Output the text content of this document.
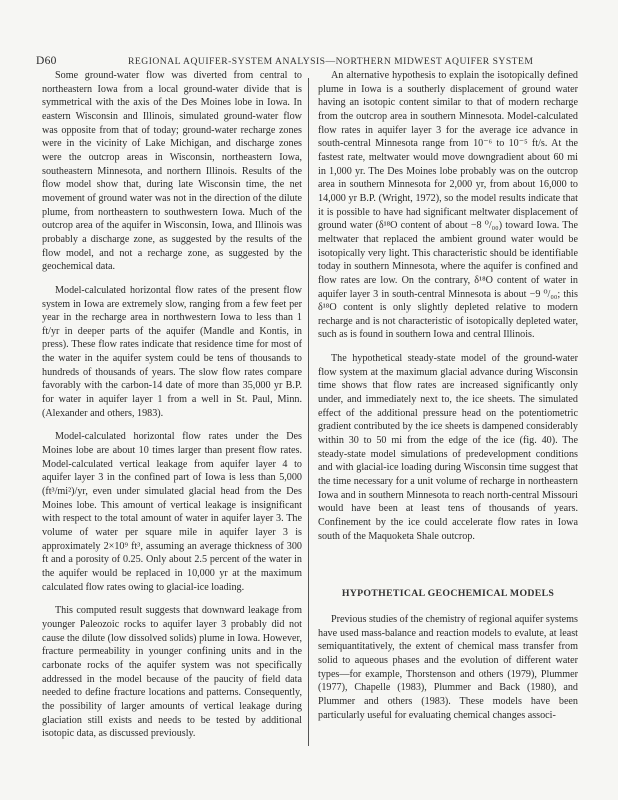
D60	REGIONAL AQUIFER-SYSTEM ANALYSIS—NORTHERN MIDWEST AQUIFER SYSTEM

Some ground-water flow was diverted from central to northeastern Iowa from a local ground-water divide that is symmetrical with the axis of the Des Moines lobe in Iowa. In eastern Wisconsin and Illinois, simulated ground-water flow was opposite from that of today; ground-water recharge zones were in the vicinity of Lake Michigan, and discharge zones were the outcrop areas in Wisconsin, northeastern Iowa, southeastern Minnesota, and northern Illinois. Results of the flow model show that, during late Wisconsin time, the net movement of ground water was not in the direction of the dilute plume, from northeastern to southwestern Iowa. Much of the outcrop area of the aquifer in Wisconsin, Iowa, and Illinois was probably a discharge zone, as suggested by the results of the flow model, and not a recharge zone, as suggested by the geochemical data.

Model-calculated horizontal flow rates of the present flow system in Iowa are extremely slow, ranging from a few feet per year in the recharge area in northwestern Iowa to less than 1 ft/yr in deeper parts of the aquifer (Mandle and Kontis, in press). These flow rates indicate that residence time for most of the water in the aquifer system could be tens of thousands to hundreds of thousands of years. The slow flow rates compare favorably with the carbon-14 date of more than 35,000 yr B.P. for water in aquifer layer 1 from a well in St. Paul, Minn. (Alexander and others, 1983).

Model-calculated horizontal flow rates under the Des Moines lobe are about 10 times larger than present flow rates. Model-calculated vertical leakage from aquifer layer 4 to aquifer layer 3 in the confined part of Iowa is less than 5,000 (ft³/mi²)/yr, even under simulated glacial head from the Des Moines lobe. This amount of vertical leakage is insignificant with respect to the total amount of water in aquifer layer 3. The volume of water per square mile in aquifer layer 3 is approximately 2×10⁹ ft³, assuming an average thickness of 300 ft and a porosity of 0.25. Only about 2.5 percent of the water in the aquifer would be replaced in 10,000 yr at the maximum calculated flow rates owing to glacial-ice loading.

This computed result suggests that downward leakage from younger Paleozoic rocks to aquifer layer 3 probably did not cause the dilute (low dissolved solids) plume in Iowa. However, fracture permeability in younger confining units and in the carbonate rocks of the aquifer system was not specifically addressed in the model because of the paucity of field data needed to define fracture locations and patterns. Consequently, the possibility of larger amounts of vertical leakage during glaciation still exists and needs to be tested by additional isotopic data, as discussed previously.

An alternative hypothesis to explain the isotopically defined plume in Iowa is a southerly displacement of ground water having an isotopic content similar to that of modern recharge from the outcrop area in southern Minnesota. Model-calculated flow rates in aquifer layer 3 for the average ice advance in south-central Minnesota range from 10⁻⁶ to 10⁻⁵ ft/s. At the fastest rate, meltwater would move downgradient about 60 mi in 1,000 yr. The Des Moines lobe probably was on the outcrop area in southern Minnesota for 2,000 yr, from about 16,000 to 14,000 yr B.P. (Wright, 1972), so the model results indicate that it is possible to have had significant meltwater displacement of ground water (δ¹⁸O content of about −8 ⁰/₀₀) toward Iowa. The meltwater that replaced the ambient ground water would be isotopically very light. This characteristic should be identifiable today in southern Minnesota, where the aquifer is confined and flow rates are low. On the contrary, δ¹⁸O content of water in aquifer layer 3 in south-central Minnesota is about −9 ⁰/₀₀; this δ¹⁸O content is only slightly depleted relative to modern recharge and is not characteristic of isotopically depleted water, such as is found in southern Iowa and central Illinois.

The hypothetical steady-state model of the ground-water flow system at the maximum glacial advance during Wisconsin time shows that flow rates are increased significantly only under, and immediately next to, the ice sheets. The simulated effect of the additional pressure head on the potentiometric gradient contributed by the ice sheets is dampened considerably within 30 to 50 mi from the edge of the ice (fig. 40). The steady-state model simulations of predevelopment conditions and with glacial-ice loading during Wisconsin time suggest that the time necessary for a unit volume of recharge in northeastern Iowa and in southern Minnesota to reach north-central Missouri would have been at least tens of thousands of years. Confinement by the ice could accelerate flow rates in Iowa south of the Maquoketa Shale outcrop.

HYPOTHETICAL GEOCHEMICAL MODELS

Previous studies of the chemistry of regional aquifer systems have used mass-balance and reaction models to evalute, at least semiquantitatively, the extent of chemical mass transfer from solid to aqueous phases and the evolution of different water types—for example, Thorstenson and others (1979), Plummer (1977), Chapelle (1983), Plummer and Back (1980), and Plummer and others (1983). These models have been particularly useful for evaluating chemical changes associ-
